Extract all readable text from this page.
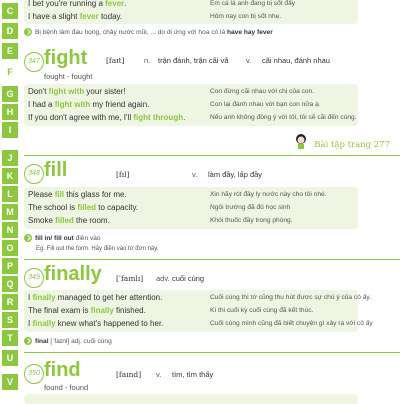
C
D
E
F
G
H
I
J
K
L
M
N
O
P
Q
R
S
T
U
V
I bet you're running a fever.	Em cá là anh đang bị sốt đấy
I have a slight fever today.	Hôm nay con bị sốt nhẹ.
Bị bệnh làm đau họng, chảy nước mũi, ... do di ứng với hoa có là have hay fever
347 fight [faɪt]	n. trận đánh, trận cãi vã v. cãi nhau, đánh nhau
fought - fought
Don't fight with your sister!	Con đừng cãi nhau với chị của con.
I had a fight with my friend again.	Con lại đánh nhau với bạn con nữa ạ.
If you don't agree with me, I'll fight through.	Nếu anh không đồng ý với tôi, tôi sẽ cãi đến cùng.
Bài tập trang 277
348 fill	[fɪl]	v. làm đầy, lấp đầy
Please fill this glass for me.	Xin hãy rót đầy ly nước này cho tôi nhé.
The school is filled to capacity.	Ngôi trường đã đủ học sinh
Smoke filled the room.	Khói thuốc đầy trong phòng.
fill in/ fill out điền vào
Eg. Fill out the form. Hãy điền vào tờ đơn này.
349 finally [ˈfaɪnlɪ] adv. cuối cùng
I finally managed to get her attention.	Cuối cùng thì tớ cũng thu hút được sự chú ý của cô ấy.
The final exam is finally finished.	Kì thi cuối kỳ cuối cùng đã kết thúc.
I finally knew what's happened to her.	Cuối cùng mình cũng đã biết chuyện gì xảy ra với cô ấy
final [ˈfaɪnl] adj. cuối cùng
350 find	[faɪnd] v. tìm, tìm thấy
found - found
